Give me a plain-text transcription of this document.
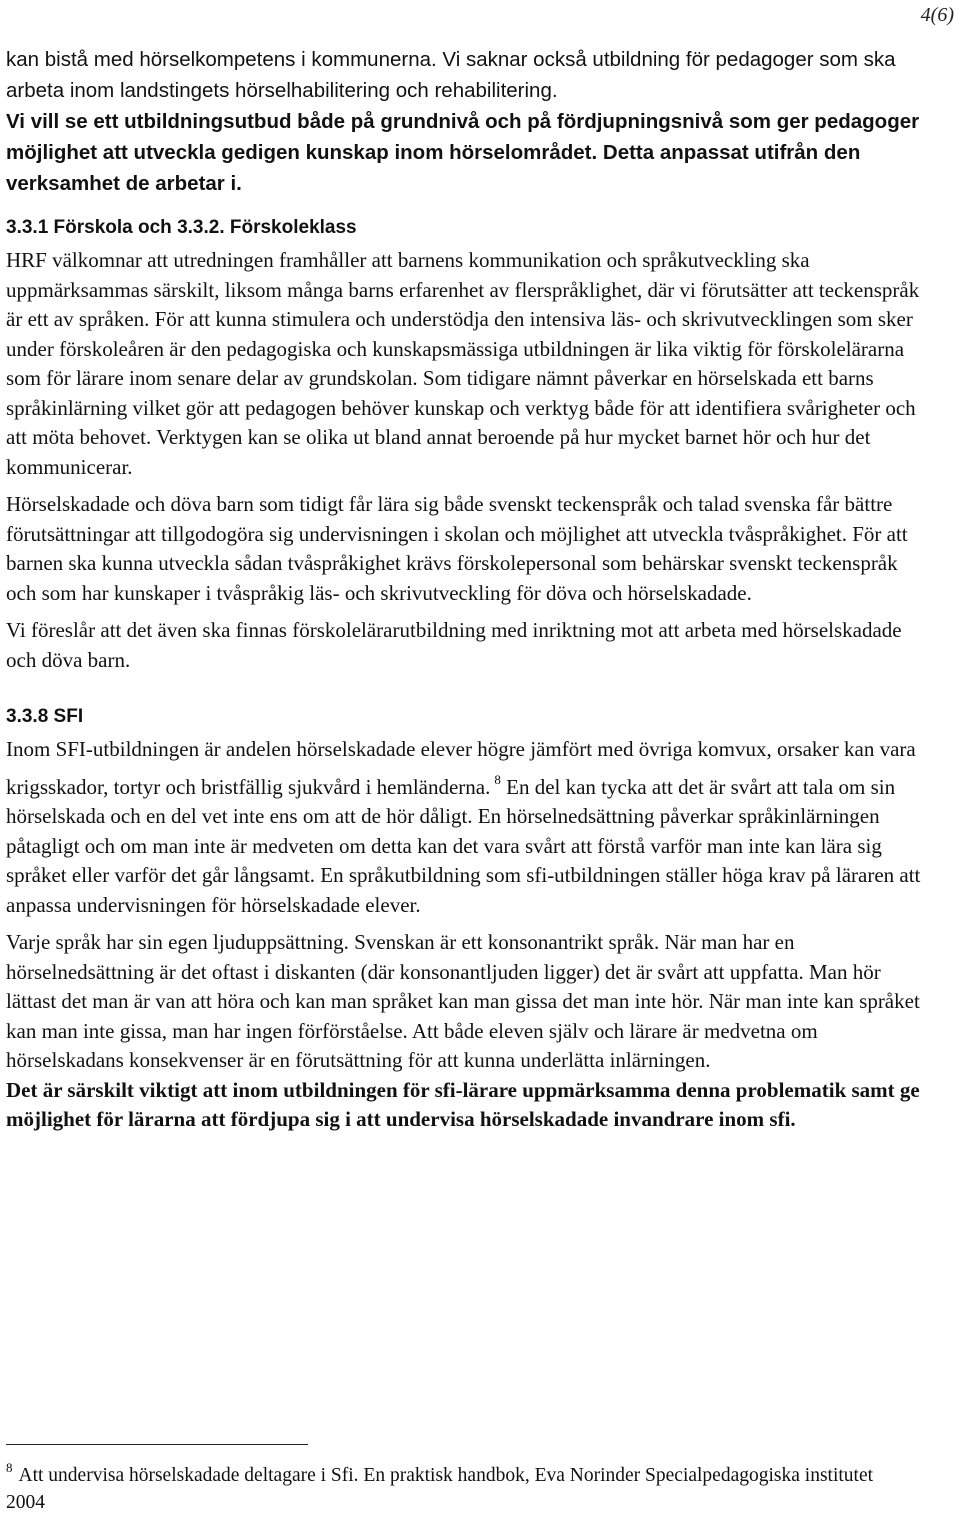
4(6)

kan bistå med hörselkompetens i kommunerna. Vi saknar också utbildning för pedagoger som ska arbeta inom landstingets hörselhabilitering och rehabilitering.

Vi vill se ett utbildningsutbud både på grundnivå och på fördjupningsnivå som ger pedagoger möjlighet att utveckla gedigen kunskap inom hörselområdet. Detta anpassat utifrån den verksamhet de arbetar i.

3.3.1 Förskola och 3.3.2. Förskoleklass

HRF välkomnar att utredningen framhåller att barnens kommunikation och språkutveckling ska uppmärksammas särskilt, liksom många barns erfarenhet av flerspråklighet, där vi förutsätter att teckenspråk är ett av språken. För att kunna stimulera och understödja den intensiva läs- och skrivutvecklingen som sker under förskoleåren är den pedagogiska och kunskapsmässiga utbildningen är lika viktig för förskolelärarna som för lärare inom senare delar av grundskolan. Som tidigare nämnt påverkar en hörselskada ett barns språkinlärning vilket gör att pedagogen behöver kunskap och verktyg både för att identifiera svårigheter och att möta behovet. Verktygen kan se olika ut bland annat beroende på hur mycket barnet hör och hur det kommunicerar.

Hörselskadade och döva barn som tidigt får lära sig både svenskt teckenspråk och talad svenska får bättre förutsättningar att tillgodogöra sig undervisningen i skolan och möjlighet att utveckla tvåspråkighet. För att barnen ska kunna utveckla sådan tvåspråkighet krävs förskolepersonal som behärskar svenskt teckenspråk och som har kunskaper i tvåspråkig läs- och skrivutveckling för döva och hörselskadade.

Vi föreslår att det även ska finnas förskolelärarutbildning med inriktning mot att arbeta med hörselskadade och döva barn.

3.3.8 SFI

Inom SFI-utbildningen är andelen hörselskadade elever högre jämfört med övriga komvux, orsaker kan vara krigsskador, tortyr och bristfällig sjukvård i hemländerna. $^8$ En del kan tycka att det är svårt att tala om sin hörselskada och en del vet inte ens om att de hör dåligt. En hörselnedsättning påverkar språkinlärningen påtagligt och om man inte är medveten om detta kan det vara svårt att förstå varför man inte kan lära sig språket eller varför det går långsamt. En språkutbildning som sfi-utbildningen ställer höga krav på läraren att anpassa undervisningen för hörselskadade elever.

Varje språk har sin egen ljuduppsättning. Svenskan är ett konsonantrikt språk. När man har en hörselnedsättning är det oftast i diskanten (där konsonantljuden ligger) det är svårt att uppfatta. Man hör lättast det man är van att höra och kan man språket kan man gissa det man inte hör. När man inte kan språket kan man inte gissa, man har ingen förförståelse. Att både eleven själv och lärare är medvetna om hörselskadans konsekvenser är en förutsättning för att kunna underlätta inlärningen.

Det är särskilt viktigt att inom utbildningen för sfi-lärare uppmärksamma denna problematik samt ge möjlighet för lärarna att fördjupa sig i att undervisa hörselskadade invandrare inom sfi.

$^8$ Att undervisa hörselskadade deltagare i Sfi. En praktisk handbok, Eva Norinder Specialpedagogiska institutet 2004
